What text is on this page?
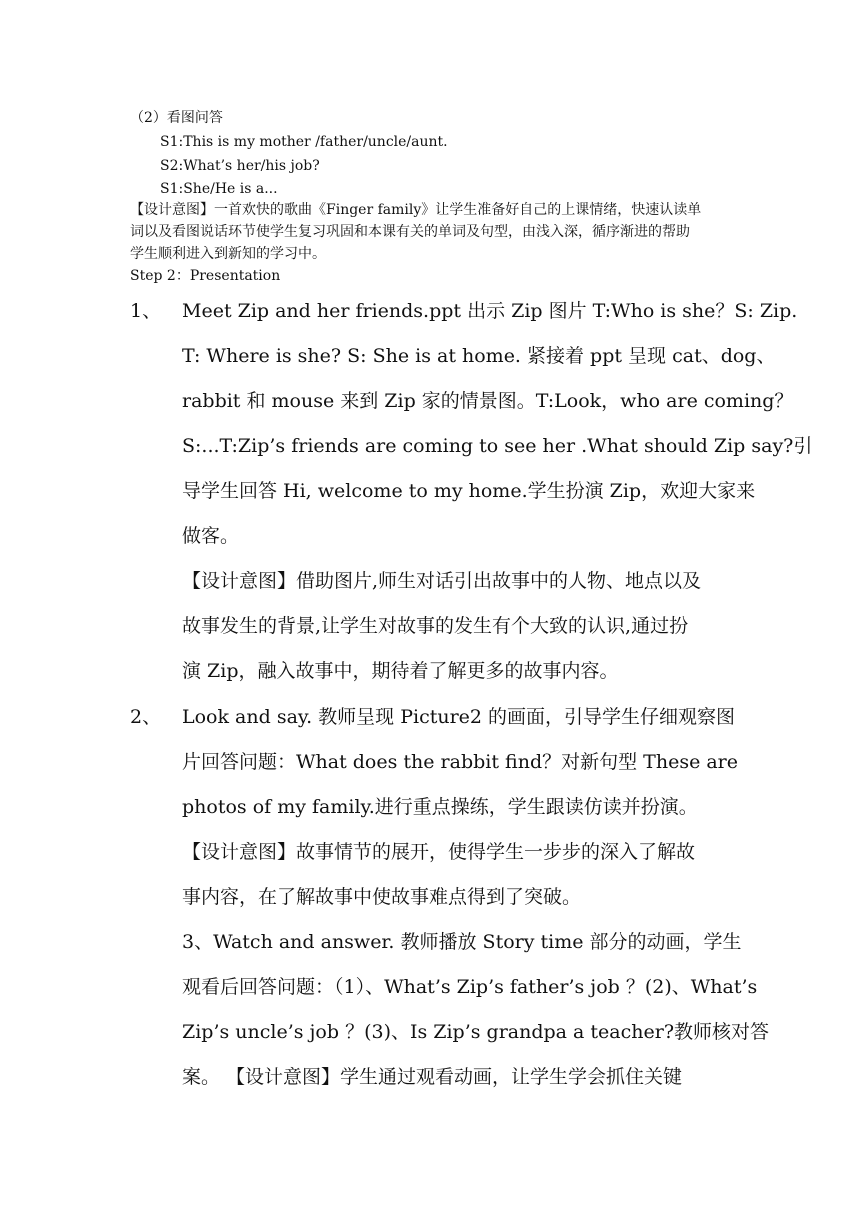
（2）看图问答
S1:This is my mother /father/uncle/aunt.
S2:What’s her/his job?
S1:She/He is a...
【设计意图】一首欢快的歌曲《Finger family》让学生准备好自己的上课情绪，快速认读单
词以及看图说话环节使学生复习巩固和本课有关的单词及句型，由浅入深，循序渐进的帮助
学生顺利进入到新知的学习中。
Step 2：Presentation
1、 Meet Zip and her friends.ppt 出示 Zip 图片 T:Who is she？S: Zip.
T: Where is she? S: She is at home. 紧接着 ppt 呈现 cat、dog、
rabbit 和 mouse 来到 Zip 家的情景图。T:Look，who are coming？
S:...T:Zip’s friends are coming to see her .What should Zip say?引
导学生回答 Hi, welcome to my home.学生扮演 Zip，欢迎大家来
做客。
【设计意图】借助图片,师生对话引出故事中的人物、地点以及
故事发生的背景,让学生对故事的发生有个大致的认识,通过扮
演 Zip，融入故事中，期待着了解更多的故事内容。
2、 Look and say. 教师呈现 Picture2 的画面，引导学生仔细观察图
片回答问题：What does the rabbit find？对新句型 These are
photos of my family.进行重点操练，学生跟读仿读并扮演。
【设计意图】故事情节的展开，使得学生一步步的深入了解故
事内容，在了解故事中使故事难点得到了突破。
3、Watch and answer. 教师播放 Story time 部分的动画，学生
观看后回答问题：（1）、What’s Zip’s father’s job ？(2)、What’s
Zip’s uncle’s job ？(3)、Is Zip’s grandpa a teacher?教师核对答
案。 【设计意图】学生通过观看动画，让学生学会抓住关键
